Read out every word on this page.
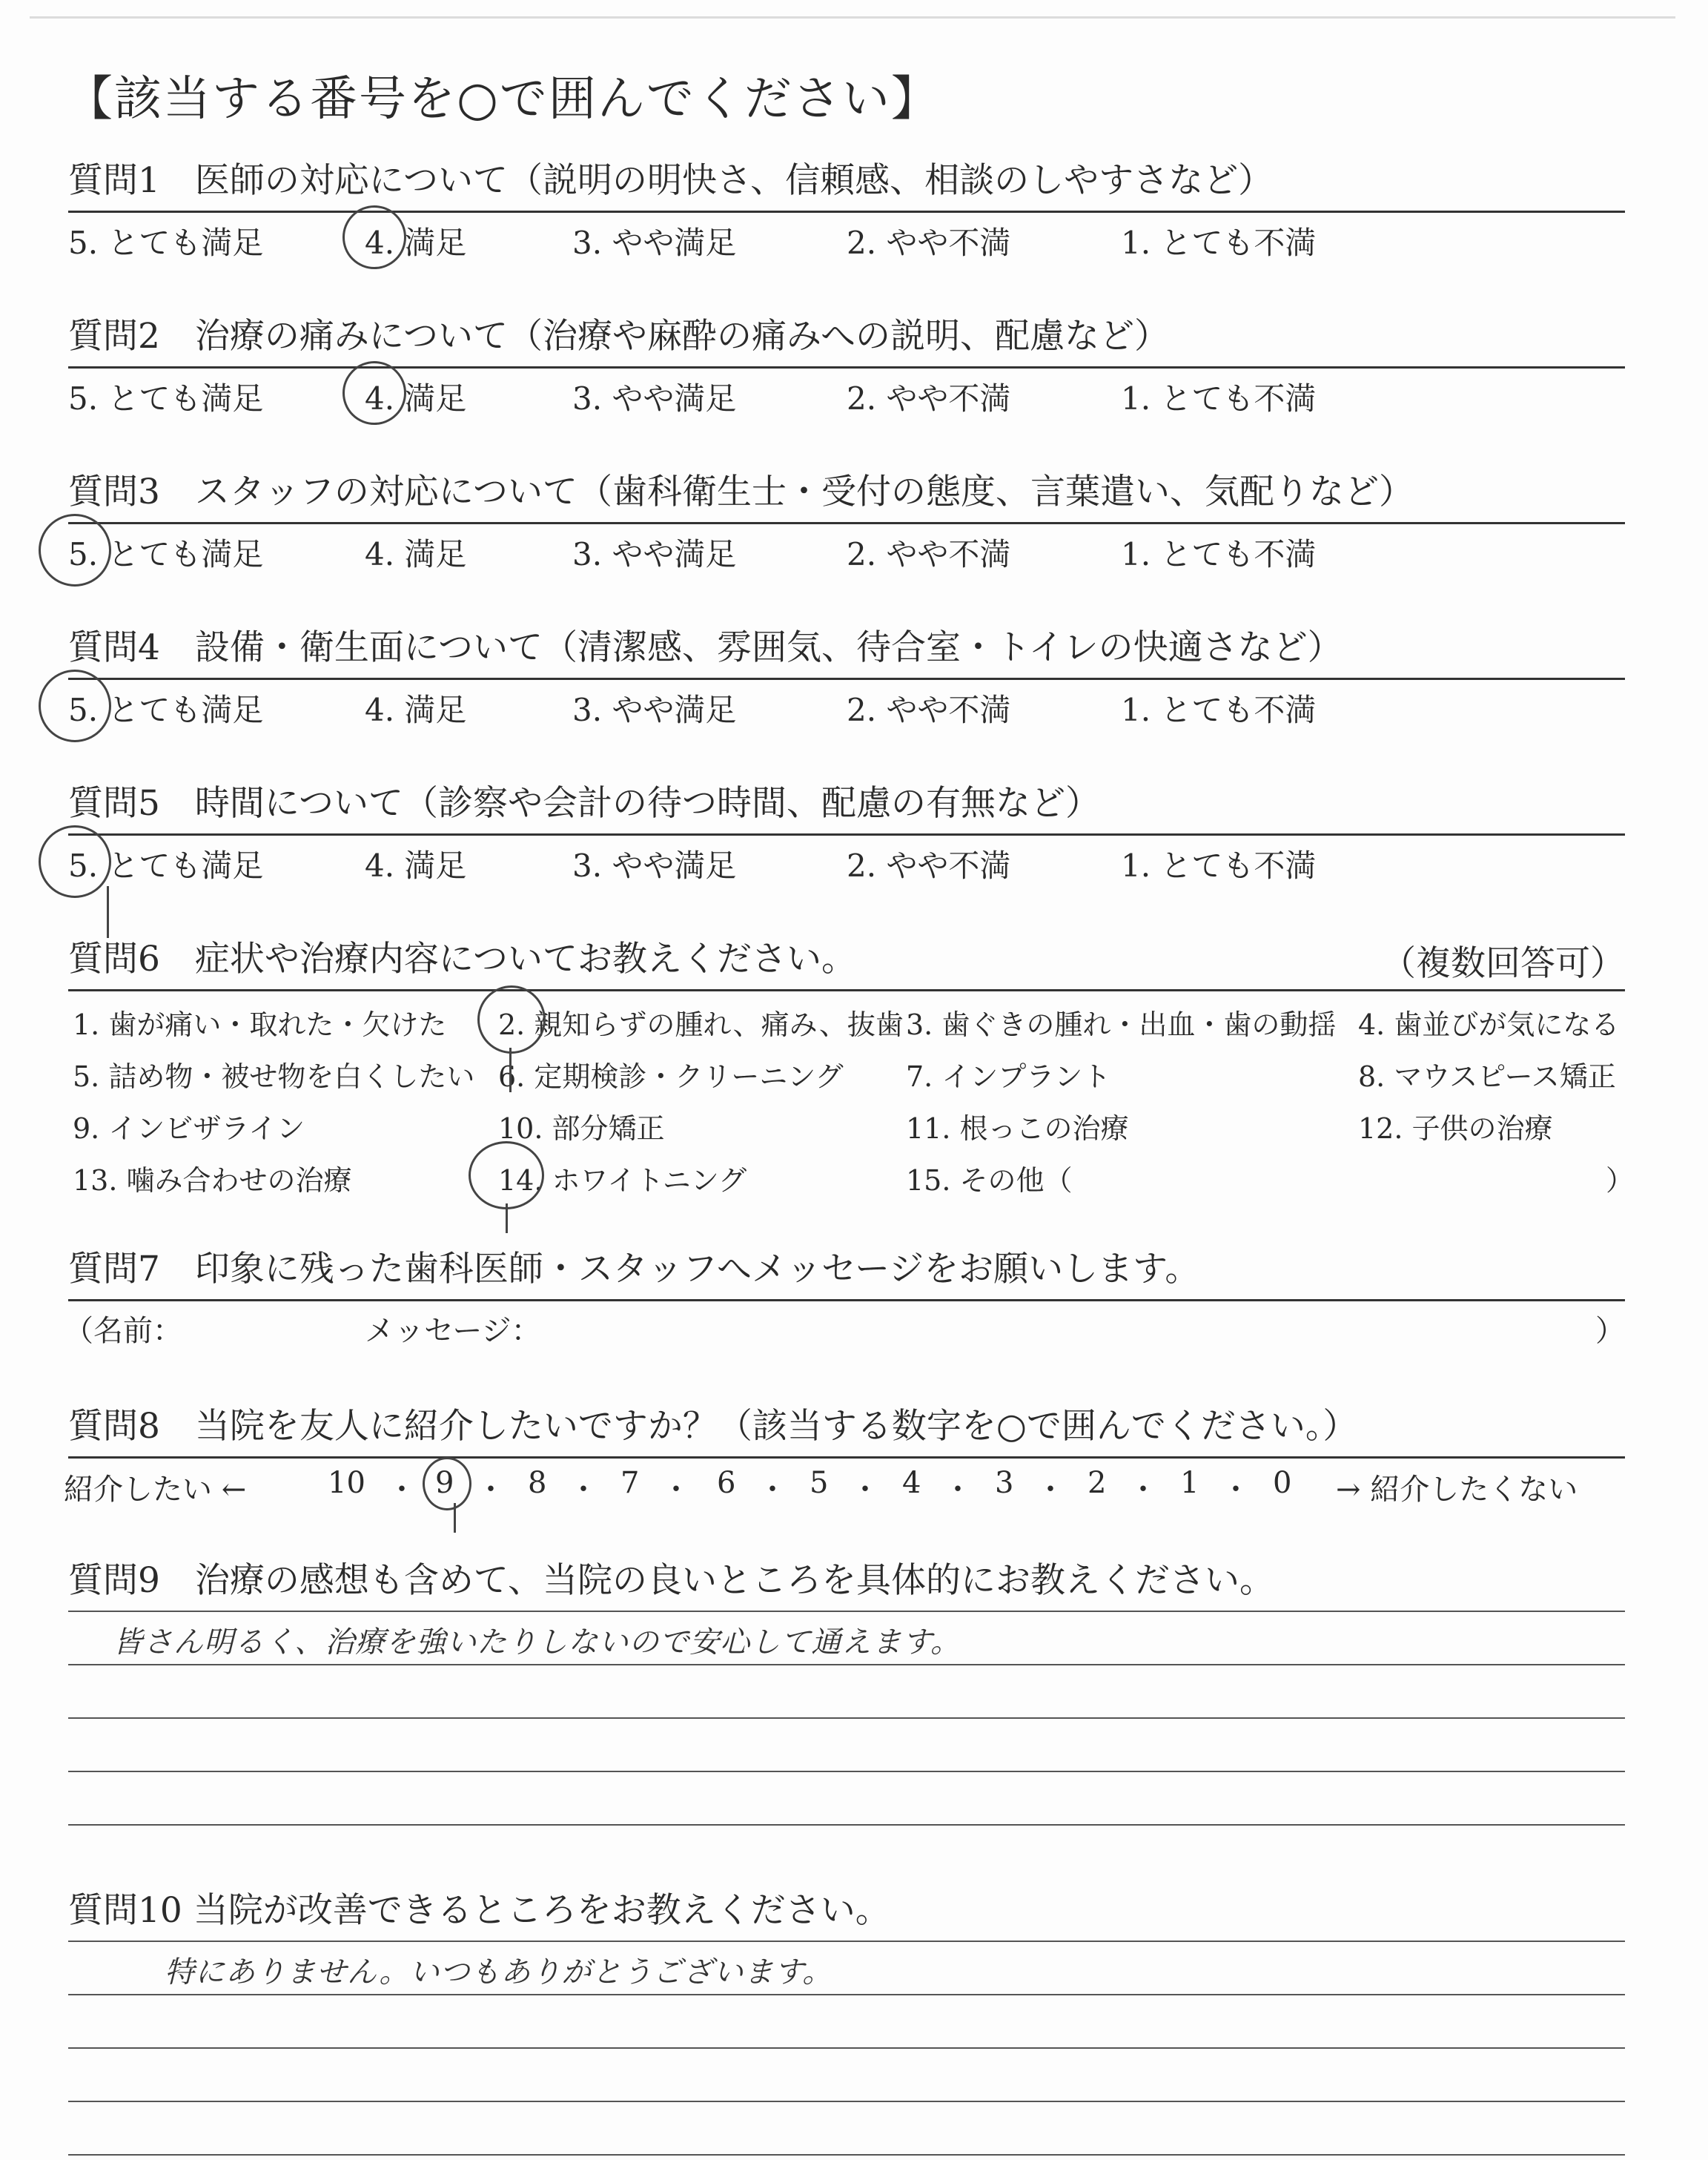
【該当する番号を○で囲んでください】
質問1　医師の対応について（説明の明快さ、信頼感、相談のしやすさなど）
5. とても満足	4. 満足	3. やや満足	2. やや不満	1. とても不満
質問2　治療の痛みについて（治療や麻酔の痛みへの説明、配慮など）
5. とても満足	4. 満足	3. やや満足	2. やや不満	1. とても不満
質問3　スタッフの対応について（歯科衛生士・受付の態度、言葉遣い、気配りなど）
5. とても満足	4. 満足	3. やや満足	2. やや不満	1. とても不満
質問4　設備・衛生面について（清潔感、雰囲気、待合室・トイレの快適さなど）
5. とても満足	4. 満足	3. やや満足	2. やや不満	1. とても不満
質問5　時間について（診察や会計の待つ時間、配慮の有無など）
5. とても満足	4. 満足	3. やや満足	2. やや不満	1. とても不満
質問6　症状や治療内容についてお教えください。	（複数回答可）
1. 歯が痛い・取れた・欠けた 2. 親知らずの腫れ、痛み、抜歯 3. 歯ぐきの腫れ・出血・歯の動揺 4. 歯並びが気になる
5. 詰め物・被せ物を白くしたい 6. 定期検診・クリーニング 7. インプラント	8. マウスピース矯正
9. インビザライン	10. 部分矯正	11. 根っこの治療	12. 子供の治療
13. 噛み合わせの治療	14. ホワイトニング	15. その他（	）
質問7　印象に残った歯科医師・スタッフへメッセージをお願いします。
（名前：	メッセージ：	）
質問8　当院を友人に紹介したいですか？（該当する数字を○で囲んでください。）
紹介したい ←	10 ・ 9 ・ 8 ・ 7 ・ 6 ・ 5 ・ 4 ・ 3 ・ 2 ・ 1 ・ 0 → 紹介したくない
質問9　治療の感想も含めて、当院の良いところを具体的にお教えください。
皆さん明るく、治療を強いたりしないので安心して通えます。
質問10 当院が改善できるところをお教えください。
特にありません。いつもありがとうございます。
